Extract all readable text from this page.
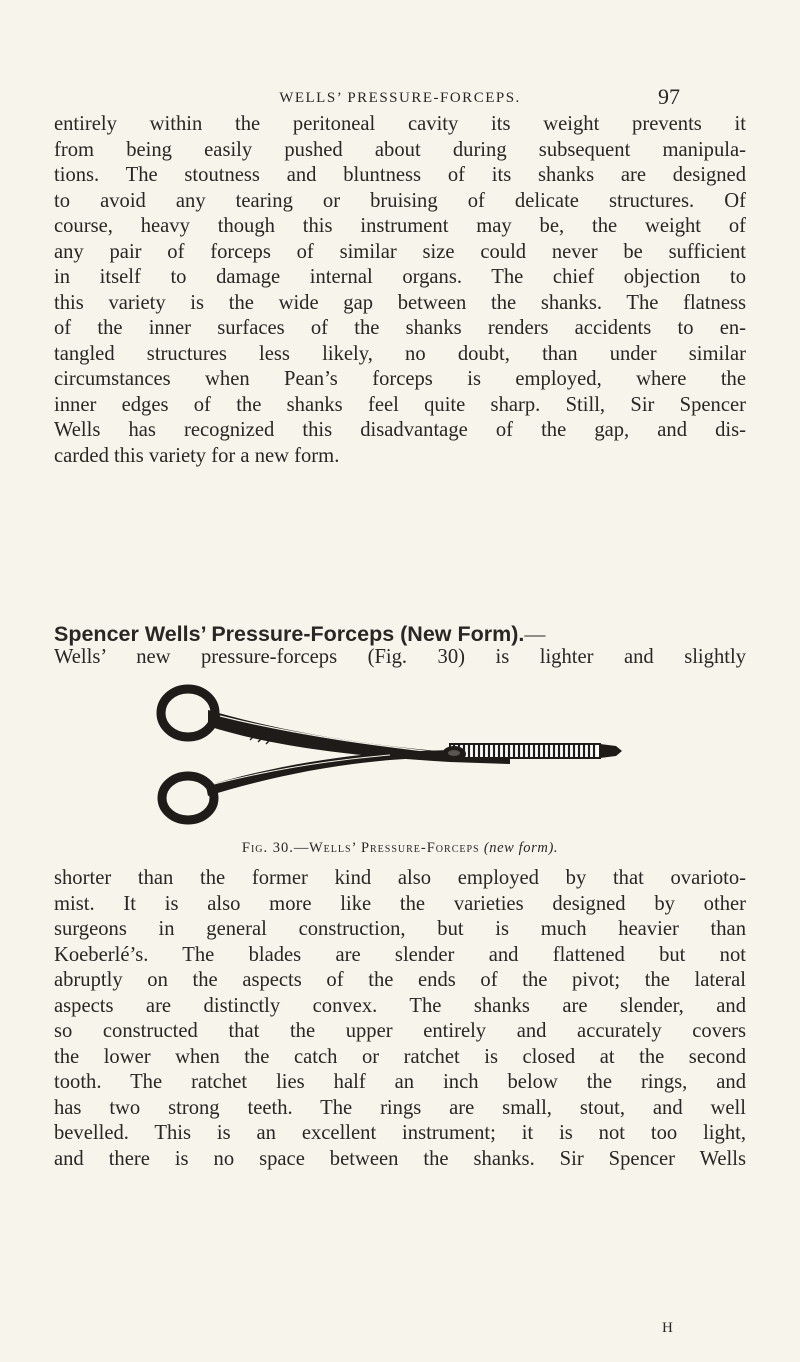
WELLS’ PRESSURE-FORCEPS.	97
entirely within the peritoneal cavity its weight prevents it
from being easily pushed about during subsequent manipula-
tions. The stoutness and bluntness of its shanks are designed
to avoid any tearing or bruising of delicate structures. Of
course, heavy though this instrument may be, the weight of
any pair of forceps of similar size could never be sufficient
in itself to damage internal organs. The chief objection to
this variety is the wide gap between the shanks. The flatness
of the inner surfaces of the shanks renders accidents to en-
tangled structures less likely, no doubt, than under similar
circumstances when Pean’s forceps is employed, where the
inner edges of the shanks feel quite sharp. Still, Sir Spencer
Wells has recognized this disadvantage of the gap, and dis-
carded this variety for a new form.
Spencer Wells’ Pressure-Forceps (New Form).—
Wells’ new pressure-forceps (Fig. 30) is lighter and slightly
Fig. 30.—Wells’ Pressure-Forceps (new form).
shorter than the former kind also employed by that ovarioto-
mist. It is also more like the varieties designed by other
surgeons in general construction, but is much heavier than
Koeberlé’s. The blades are slender and flattened but not
abruptly on the aspects of the ends of the pivot; the lateral
aspects are distinctly convex. The shanks are slender, and
so constructed that the upper entirely and accurately covers
the lower when the catch or ratchet is closed at the second
tooth. The ratchet lies half an inch below the rings, and
has two strong teeth. The rings are small, stout, and well
bevelled. This is an excellent instrument; it is not too light,
and there is no space between the shanks. Sir Spencer Wells
H
